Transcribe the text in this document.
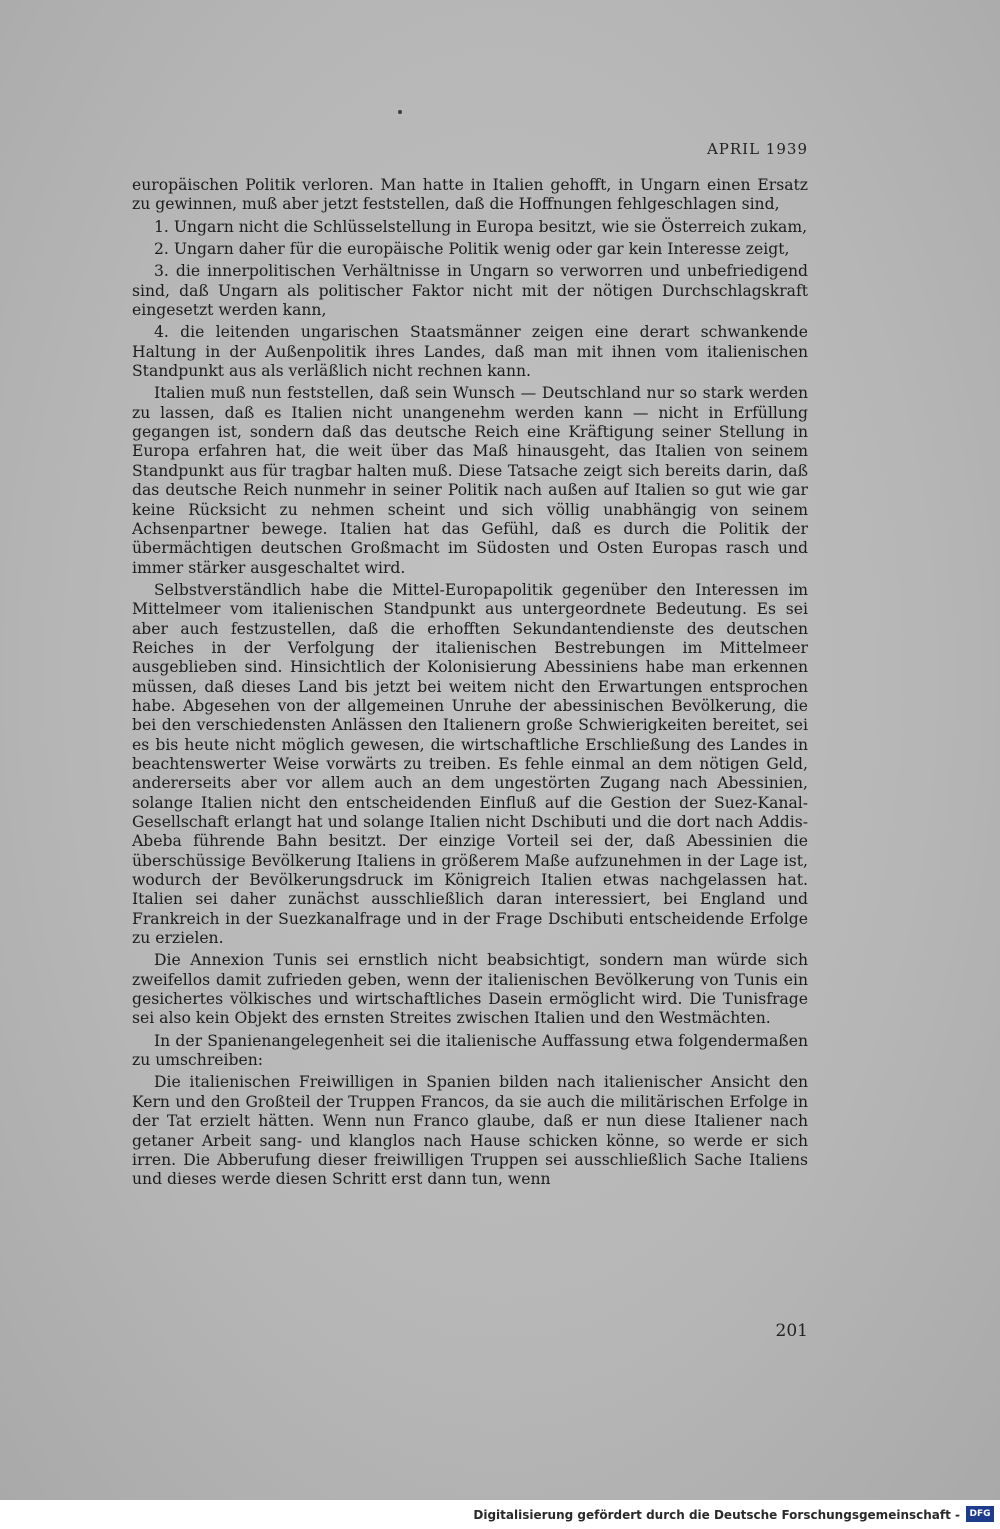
APRIL 1939

europäischen Politik verloren. Man hatte in Italien gehofft, in Ungarn einen Ersatz zu gewinnen, muß aber jetzt feststellen, daß die Hoffnungen fehlgeschlagen sind,

1. Ungarn nicht die Schlüsselstellung in Europa besitzt, wie sie Österreich zukam,

2. Ungarn daher für die europäische Politik wenig oder gar kein Interesse zeigt,

3. die innerpolitischen Verhältnisse in Ungarn so verworren und unbefriedigend sind, daß Ungarn als politischer Faktor nicht mit der nötigen Durchschlagskraft eingesetzt werden kann,

4. die leitenden ungarischen Staatsmänner zeigen eine derart schwankende Haltung in der Außenpolitik ihres Landes, daß man mit ihnen vom italienischen Standpunkt aus als verläßlich nicht rechnen kann.

Italien muß nun feststellen, daß sein Wunsch — Deutschland nur so stark werden zu lassen, daß es Italien nicht unangenehm werden kann — nicht in Erfüllung gegangen ist, sondern daß das deutsche Reich eine Kräftigung seiner Stellung in Europa erfahren hat, die weit über das Maß hinausgeht, das Italien von seinem Standpunkt aus für tragbar halten muß. Diese Tatsache zeigt sich bereits darin, daß das deutsche Reich nunmehr in seiner Politik nach außen auf Italien so gut wie gar keine Rücksicht zu nehmen scheint und sich völlig unabhängig von seinem Achsenpartner bewege. Italien hat das Gefühl, daß es durch die Politik der übermächtigen deutschen Großmacht im Südosten und Osten Europas rasch und immer stärker ausgeschaltet wird.

Selbstverständlich habe die Mittel-Europapolitik gegenüber den Interessen im Mittelmeer vom italienischen Standpunkt aus untergeordnete Bedeutung. Es sei aber auch festzustellen, daß die erhofften Sekundantendienste des deutschen Reiches in der Verfolgung der italienischen Bestrebungen im Mittelmeer ausgeblieben sind. Hinsichtlich der Kolonisierung Abessiniens habe man erkennen müssen, daß dieses Land bis jetzt bei weitem nicht den Erwartungen entsprochen habe. Abgesehen von der allgemeinen Unruhe der abessinischen Bevölkerung, die bei den verschiedensten Anlässen den Italienern große Schwierigkeiten bereitet, sei es bis heute nicht möglich gewesen, die wirtschaftliche Erschließung des Landes in beachtenswerter Weise vorwärts zu treiben. Es fehle einmal an dem nötigen Geld, andererseits aber vor allem auch an dem ungestörten Zugang nach Abessinien, solange Italien nicht den entscheidenden Einfluß auf die Gestion der Suez-Kanal-Gesellschaft erlangt hat und solange Italien nicht Dschibuti und die dort nach Addis-Abeba führende Bahn besitzt. Der einzige Vorteil sei der, daß Abessinien die überschüssige Bevölkerung Italiens in größerem Maße aufzunehmen in der Lage ist, wodurch der Bevölkerungsdruck im Königreich Italien etwas nachgelassen hat. Italien sei daher zunächst ausschließlich daran interessiert, bei England und Frankreich in der Suezkanalfrage und in der Frage Dschibuti entscheidende Erfolge zu erzielen.

Die Annexion Tunis sei ernstlich nicht beabsichtigt, sondern man würde sich zweifellos damit zufrieden geben, wenn der italienischen Bevölkerung von Tunis ein gesichertes völkisches und wirtschaftliches Dasein ermöglicht wird. Die Tunisfrage sei also kein Objekt des ernsten Streites zwischen Italien und den Westmächten.

In der Spanienangelegenheit sei die italienische Auffassung etwa folgendermaßen zu umschreiben:

Die italienischen Freiwilligen in Spanien bilden nach italienischer Ansicht den Kern und den Großteil der Truppen Francos, da sie auch die militärischen Erfolge in der Tat erzielt hätten. Wenn nun Franco glaube, daß er nun diese Italiener nach getaner Arbeit sang- und klanglos nach Hause schicken könne, so werde er sich irren. Die Abberufung dieser freiwilligen Truppen sei ausschließlich Sache Italiens und dieses werde diesen Schritt erst dann tun, wenn

201
Digitalisierung gefördert durch die Deutsche Forschungsgemeinschaft -	DFG
